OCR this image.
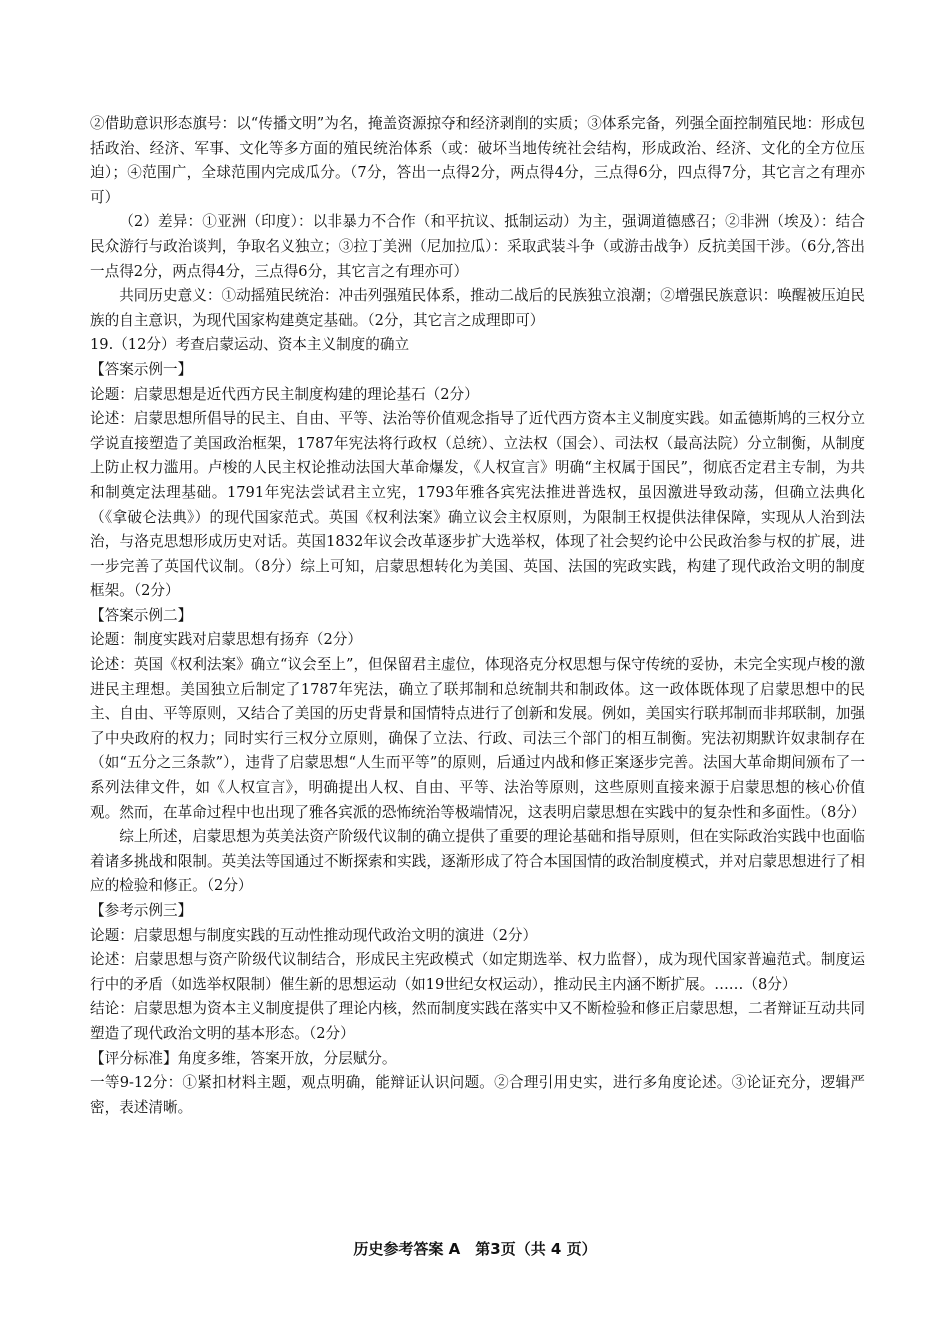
②借助意识形态旗号：以“传播文明”为名，掩盖资源掠夺和经济剥削的实质；③体系完备，列强全面控制殖民地：形成包括政治、经济、军事、文化等多方面的殖民统治体系（或：破坏当地传统社会结构，形成政治、经济、文化的全方位压迫）；④范围广，全球范围内完成瓜分。（7分，答出一点得2分，两点得4分，三点得6分，四点得7分，其它言之有理亦可）

（2）差异：①亚洲（印度）：以非暴力不合作（和平抗议、抵制运动）为主，强调道德感召；②非洲（埃及）：结合民众游行与政治谈判，争取名义独立；③拉丁美洲（尼加拉瓜）：采取武装斗争（或游击战争）反抗美国干涉。（6分,答出一点得2分，两点得4分，三点得6分，其它言之有理亦可）

共同历史意义：①动摇殖民统治：冲击列强殖民体系，推动二战后的民族独立浪潮；②增强民族意识：唤醒被压迫民族的自主意识，为现代国家构建奠定基础。（2分，其它言之成理即可）

19.（12分）考查启蒙运动、资本主义制度的确立

【答案示例一】

论题：启蒙思想是近代西方民主制度构建的理论基石（2分）

论述：启蒙思想所倡导的民主、自由、平等、法治等价值观念指导了近代西方资本主义制度实践。如孟德斯鸠的三权分立学说直接塑造了美国政治框架，1787年宪法将行政权（总统）、立法权（国会）、司法权（最高法院）分立制衡，从制度上防止权力滥用。卢梭的人民主权论推动法国大革命爆发，《人权宣言》明确“主权属于国民”，彻底否定君主专制，为共和制奠定法理基础。1791年宪法尝试君主立宪，1793年雅各宾宪法推进普选权，虽因激进导致动荡，但确立法典化（《拿破仑法典》）的现代国家范式。英国《权利法案》确立议会主权原则，为限制王权提供法律保障，实现从人治到法治，与洛克思想形成历史对话。英国1832年议会改革逐步扩大选举权，体现了社会契约论中公民政治参与权的扩展，进一步完善了英国代议制。（8分）综上可知，启蒙思想转化为美国、英国、法国的宪政实践，构建了现代政治文明的制度框架。（2分）

【答案示例二】

论题：制度实践对启蒙思想有扬弃（2分）

论述：英国《权利法案》确立“议会至上”，但保留君主虚位，体现洛克分权思想与保守传统的妥协，未完全实现卢梭的激进民主理想。美国独立后制定了1787年宪法，确立了联邦制和总统制共和制政体。这一政体既体现了启蒙思想中的民主、自由、平等原则，又结合了美国的历史背景和国情特点进行了创新和发展。例如，美国实行联邦制而非邦联制，加强了中央政府的权力；同时实行三权分立原则，确保了立法、行政、司法三个部门的相互制衡。宪法初期默许奴隶制存在（如“五分之三条款”），违背了启蒙思想“人生而平等”的原则，后通过内战和修正案逐步完善。法国大革命期间颁布了一系列法律文件，如《人权宣言》，明确提出人权、自由、平等、法治等原则，这些原则直接来源于启蒙思想的核心价值观。然而，在革命过程中也出现了雅各宾派的恐怖统治等极端情况，这表明启蒙思想在实践中的复杂性和多面性。（8分）

综上所述，启蒙思想为英美法资产阶级代议制的确立提供了重要的理论基础和指导原则，但在实际政治实践中也面临着诸多挑战和限制。英美法等国通过不断探索和实践，逐渐形成了符合本国国情的政治制度模式，并对启蒙思想进行了相应的检验和修正。（2分）

【参考示例三】

论题：启蒙思想与制度实践的互动性推动现代政治文明的演进（2分）

论述：启蒙思想与资产阶级代议制结合，形成民主宪政模式（如定期选举、权力监督），成为现代国家普遍范式。制度运行中的矛盾（如选举权限制）催生新的思想运动（如19世纪女权运动），推动民主内涵不断扩展。……（8分）

结论：启蒙思想为资本主义制度提供了理论内核，然而制度实践在落实中又不断检验和修正启蒙思想，二者辩证互动共同塑造了现代政治文明的基本形态。（2分）

【评分标准】角度多维，答案开放，分层赋分。

一等9-12分：①紧扣材料主题，观点明确，能辩证认识问题。②合理引用史实，进行多角度论述。③论证充分，逻辑严密，表述清晰。

历史参考答案 A　第3页（共 4 页）
